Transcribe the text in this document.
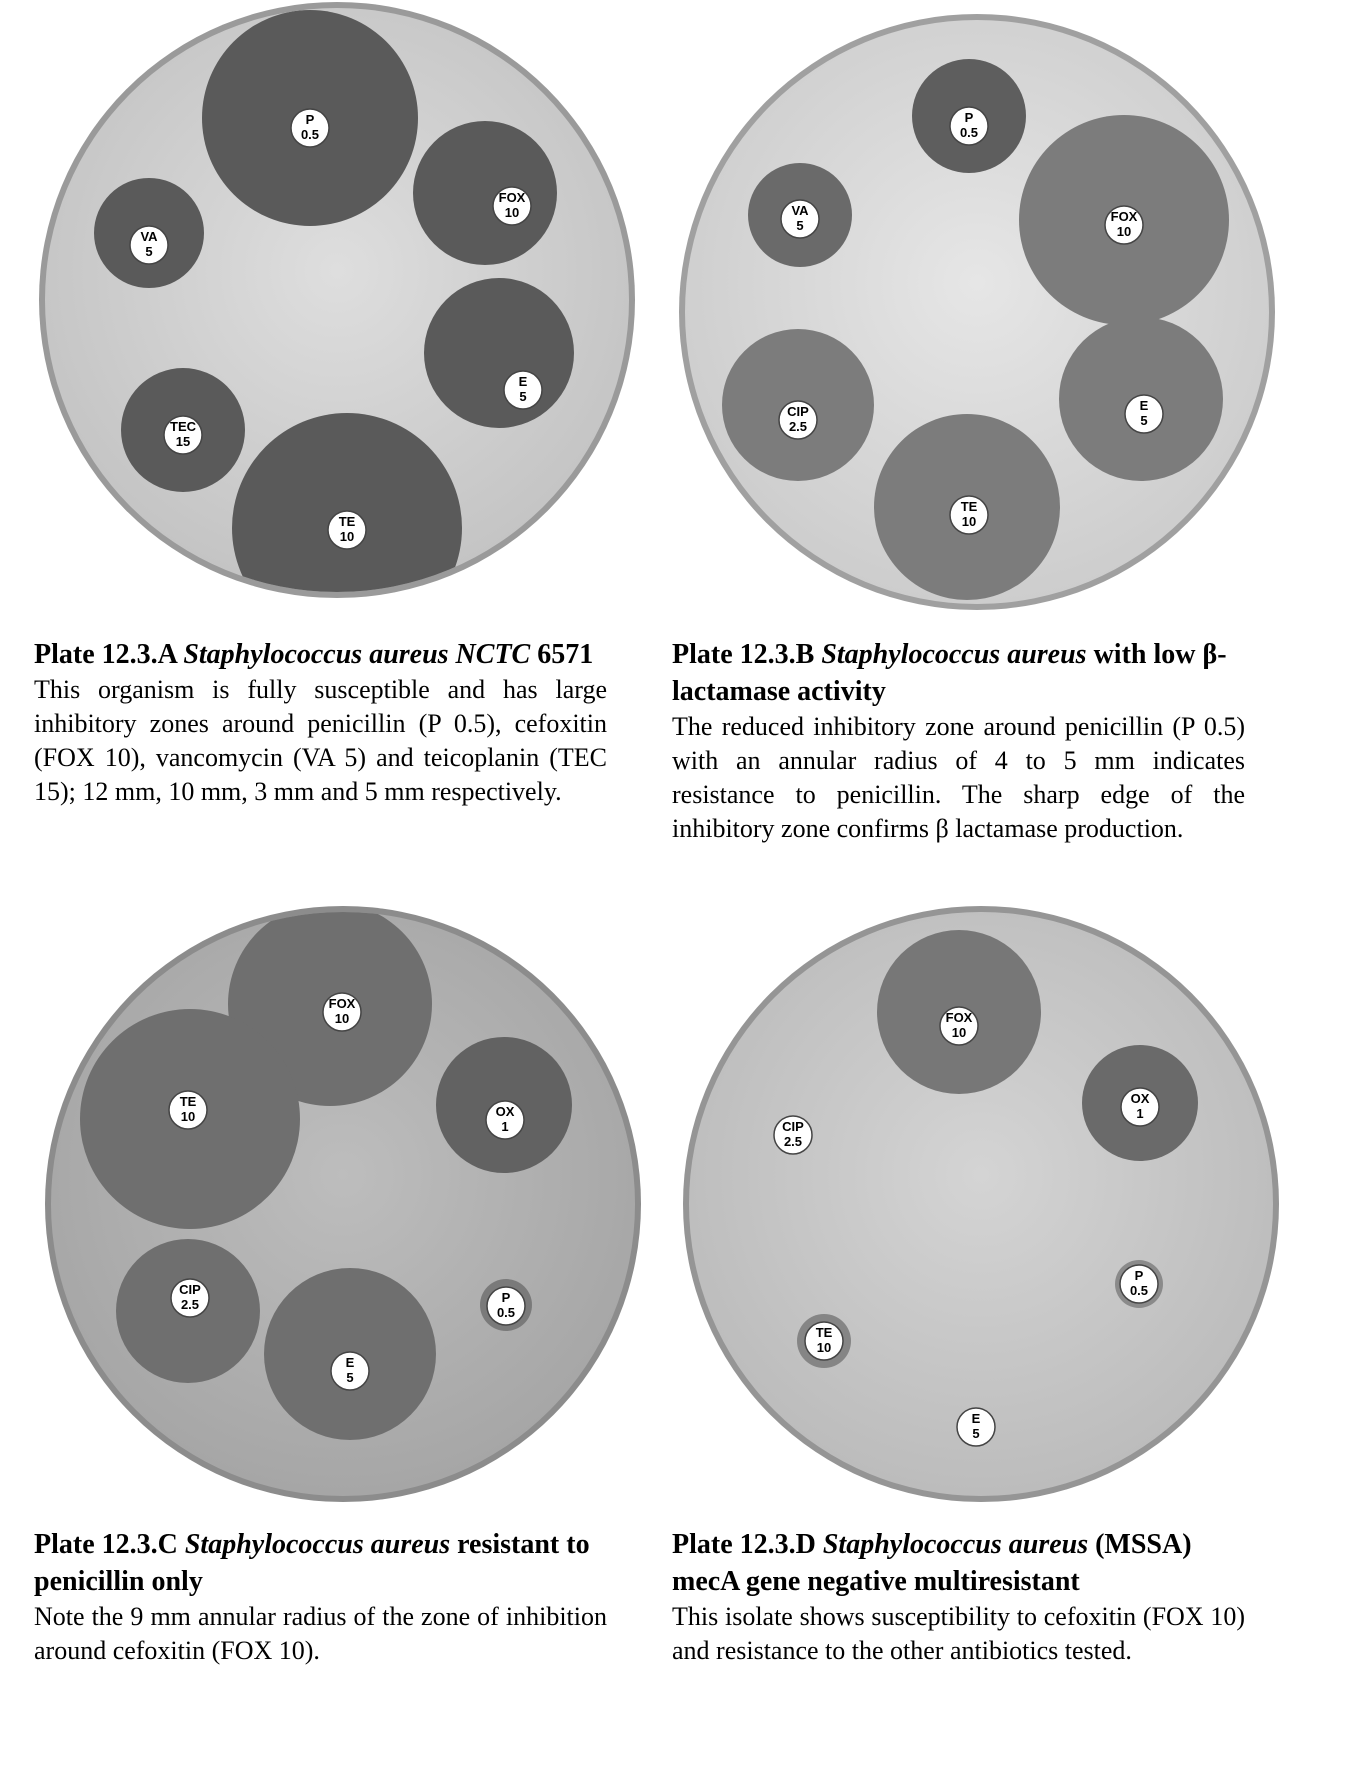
P
0.5
FOX
10
VA
5
E
5
TEC
15
TE
10
P
0.5
VA
5
FOX
10
CIP
2.5
E
5
TE
10

Plate 12.3.A Staphylococcus aureus NCTC 6571

This organism is fully susceptible and has large inhibitory zones around penicillin (P 0.5), cefoxitin (FOX 10), vancomycin (VA 5) and teicoplanin (TEC 15); 12 mm, 10 mm, 3 mm and 5 mm respectively.

Plate 12.3.B Staphylococcus aureus with low β-lactamase activity

The reduced inhibitory zone around penicillin (P 0.5) with an annular radius of 4 to 5 mm indicates resistance to penicillin. The sharp edge of the inhibitory zone confirms β lactamase production.

FOX
10
TE
10	OX
1
CIP
2.5	P
0.5
E
5
FOX
10
OX
1
CIP
2.5
P
0.5
TE
10
E
5

Plate 12.3.C Staphylococcus aureus resistant to penicillin only

Note the 9 mm annular radius of the zone of inhibition around cefoxitin (FOX 10).

Plate 12.3.D Staphylococcus aureus (MSSA) mecA gene negative multiresistant

This isolate shows susceptibility to cefoxitin (FOX 10) and resistance to the other antibiotics tested.
